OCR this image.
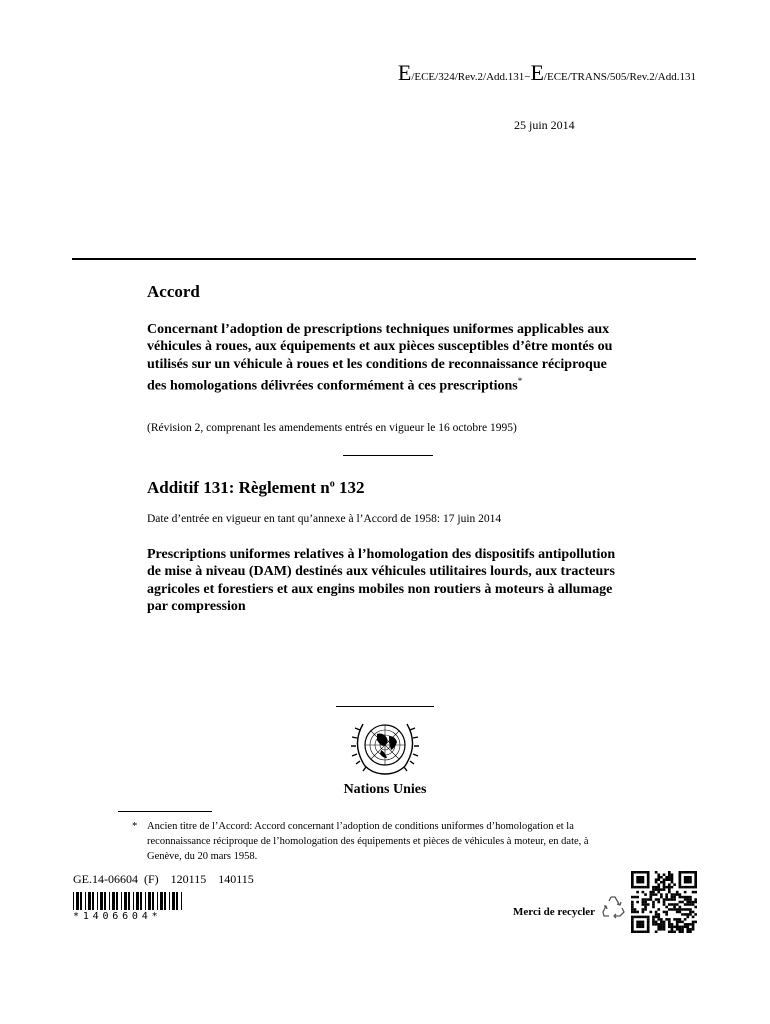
E/ECE/324/Rev.2/Add.131−E/ECE/TRANS/505/Rev.2/Add.131
25 juin 2014
Accord
Concernant l’adoption de prescriptions techniques uniformes applicables aux véhicules à roues, aux équipements et aux pièces susceptibles d’être montés ou utilisés sur un véhicule à roues et les conditions de reconnaissance réciproque des homologations délivrées conformément à ces prescriptions*
(Révision 2, comprenant les amendements entrés en vigueur le 16 octobre 1995)
Additif 131: Règlement $n^o$ 132
Date d’entrée en vigueur en tant qu’annexe à l’Accord de 1958: 17 juin 2014
Prescriptions uniformes relatives à l’homologation des dispositifs antipollution de mise à niveau (DAM) destinés aux véhicules utilitaires lourds, aux tracteurs agricoles et forestiers et aux engins mobiles non routiers à moteurs à allumage par compression
Nations Unies
* Ancien titre de l’Accord: Accord concernant l’adoption de conditions uniformes d’homologation et la reconnaissance réciproque de l’homologation des équipements et pièces de véhicules à moteur, en date, à Genève, du 20 mars 1958.
GE.14-06604  (F)    120115    140115
*1406604*	Merci de recycler
